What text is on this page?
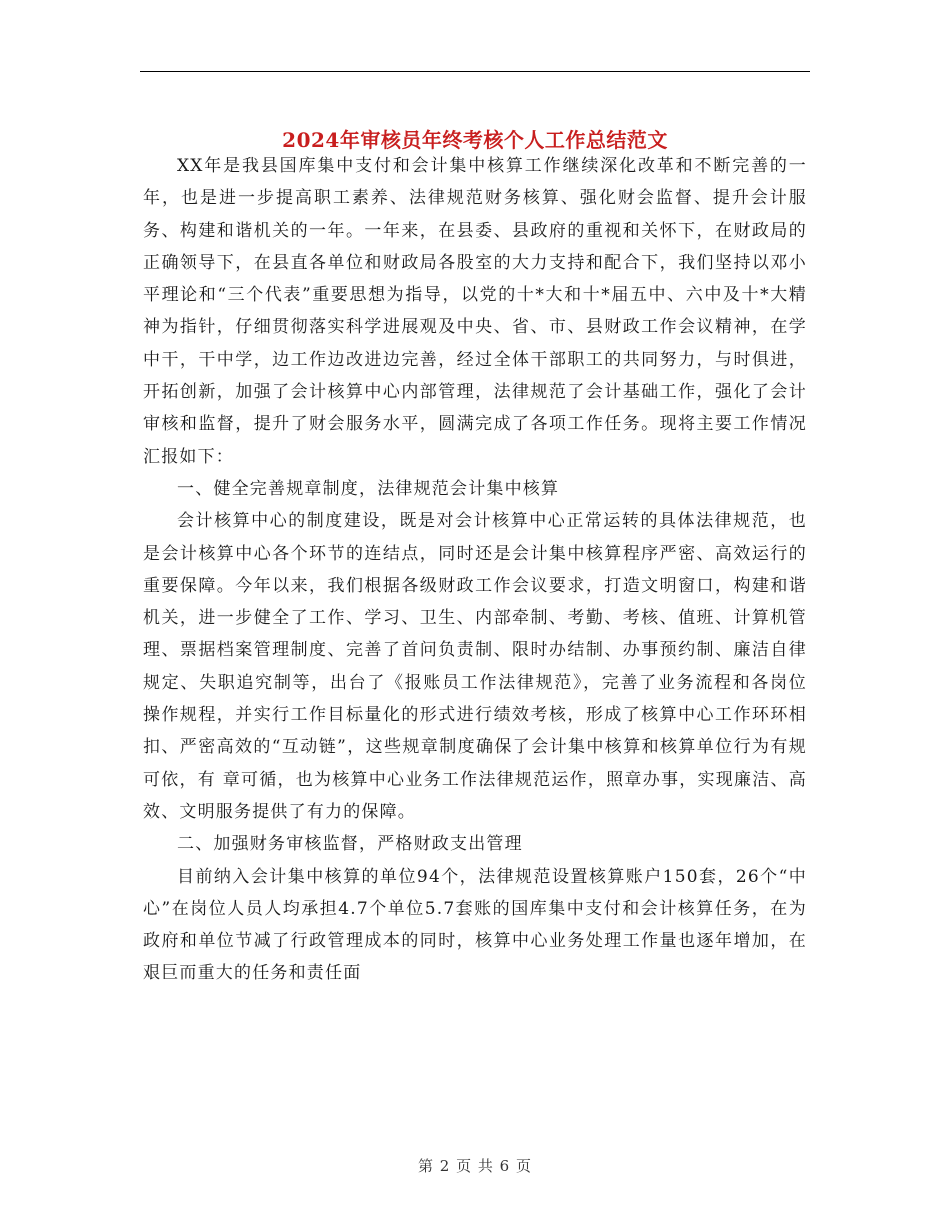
2024年审核员年终考核个人工作总结范文

XX年是我县国库集中支付和会计集中核算工作继续深化改革和不断完善的一年，也是进一步提高职工素养、法律规范财务核算、强化财会监督、提升会计服务、构建和谐机关的一年。一年来，在县委、县政府的重视和关怀下，在财政局的正确领导下，在县直各单位和财政局各股室的大力支持和配合下，我们坚持以邓小平理论和“三个代表”重要思想为指导，以党的十*大和十*届五中、六中及十*大精神为指针，仔细贯彻落实科学进展观及中央、省、市、县财政工作会议精神，在学中干，干中学，边工作边改进边完善，经过全体干部职工的共同努力，与时俱进，开拓创新，加强了会计核算中心内部管理，法律规范了会计基础工作，强化了会计审核和监督，提升了财会服务水平，圆满完成了各项工作任务。现将主要工作情况汇报如下：

一、健全完善规章制度，法律规范会计集中核算

会计核算中心的制度建设，既是对会计核算中心正常运转的具体法律规范，也是会计核算中心各个环节的连结点，同时还是会计集中核算程序严密、高效运行的重要保障。今年以来，我们根据各级财政工作会议要求，打造文明窗口，构建和谐机关，进一步健全了工作、学习、卫生、内部牵制、考勤、考核、值班、计算机管理、票据档案管理制度、完善了首问负责制、限时办结制、办事预约制、廉洁自律规定、失职追究制等，出台了《报账员工作法律规范》，完善了业务流程和各岗位操作规程，并实行工作目标量化的形式进行绩效考核，形成了核算中心工作环环相扣、严密高效的“互动链”，这些规章制度确保了会计集中核算和核算单位行为有规可依，有 章可循，也为核算中心业务工作法律规范运作，照章办事，实现廉洁、高效、文明服务提供了有力的保障。

二、加强财务审核监督，严格财政支出管理

目前纳入会计集中核算的单位94个，法律规范设置核算账户150套，26个“中心”在岗位人员人均承担4.7个单位5.7套账的国库集中支付和会计核算任务，在为政府和单位节减了行政管理成本的同时，核算中心业务处理工作量也逐年增加，在艰巨而重大的任务和责任面

第 2 页 共 6 页
